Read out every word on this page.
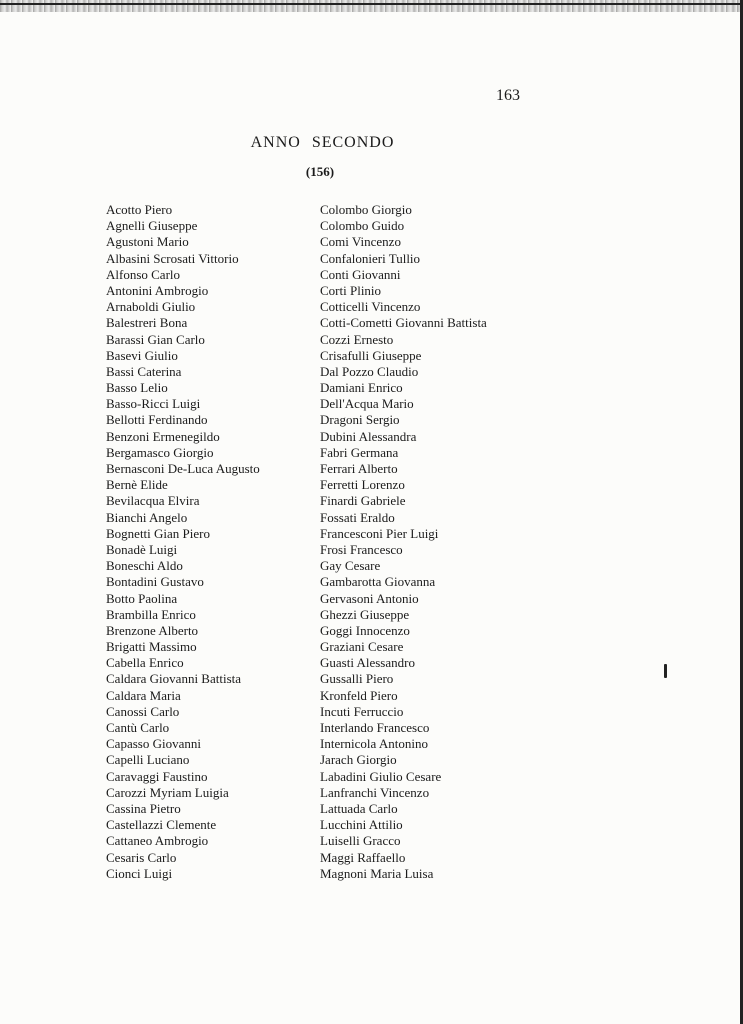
163
ANNO SECONDO
(156)
Acotto Piero
Agnelli Giuseppe
Agustoni Mario
Albasini Scrosati Vittorio
Alfonso Carlo
Antonini Ambrogio
Arnaboldi Giulio
Balestreri Bona
Barassi Gian Carlo
Basevi Giulio
Bassi Caterina
Basso Lelio
Basso-Ricci Luigi
Bellotti Ferdinando
Benzoni Ermenegildo
Bergamasco Giorgio
Bernasconi De-Luca Augusto
Bernè Elide
Bevilacqua Elvira
Bianchi Angelo
Bognetti Gian Piero
Bonadè Luigi
Boneschi Aldo
Bontadini Gustavo
Botto Paolina
Brambilla Enrico
Brenzone Alberto
Brigatti Massimo
Cabella Enrico
Caldara Giovanni Battista
Caldara Maria
Canossi Carlo
Cantù Carlo
Capasso Giovanni
Capelli Luciano
Caravaggi Faustino
Carozzi Myriam Luigia
Cassina Pietro
Castellazzi Clemente
Cattaneo Ambrogio
Cesaris Carlo
Cionci Luigi
Colombo Giorgio
Colombo Guido
Comi Vincenzo
Confalonieri Tullio
Conti Giovanni
Corti Plinio
Cotticelli Vincenzo
Cotti-Cometti Giovanni Battista
Cozzi Ernesto
Crisafulli Giuseppe
Dal Pozzo Claudio
Damiani Enrico
Dell'Acqua Mario
Dragoni Sergio
Dubini Alessandra
Fabri Germana
Ferrari Alberto
Ferretti Lorenzo
Finardi Gabriele
Fossati Eraldo
Francesconi Pier Luigi
Frosi Francesco
Gay Cesare
Gambarotta Giovanna
Gervasoni Antonio
Ghezzi Giuseppe
Goggi Innocenzo
Graziani Cesare
Guasti Alessandro
Gussalli Piero
Kronfeld Piero
Incuti Ferruccio
Interlando Francesco
Internicola Antonino
Jarach Giorgio
Labadini Giulio Cesare
Lanfranchi Vincenzo
Lattuada Carlo
Lucchini Attilio
Luiselli Gracco
Maggi Raffaello
Magnoni Maria Luisa
